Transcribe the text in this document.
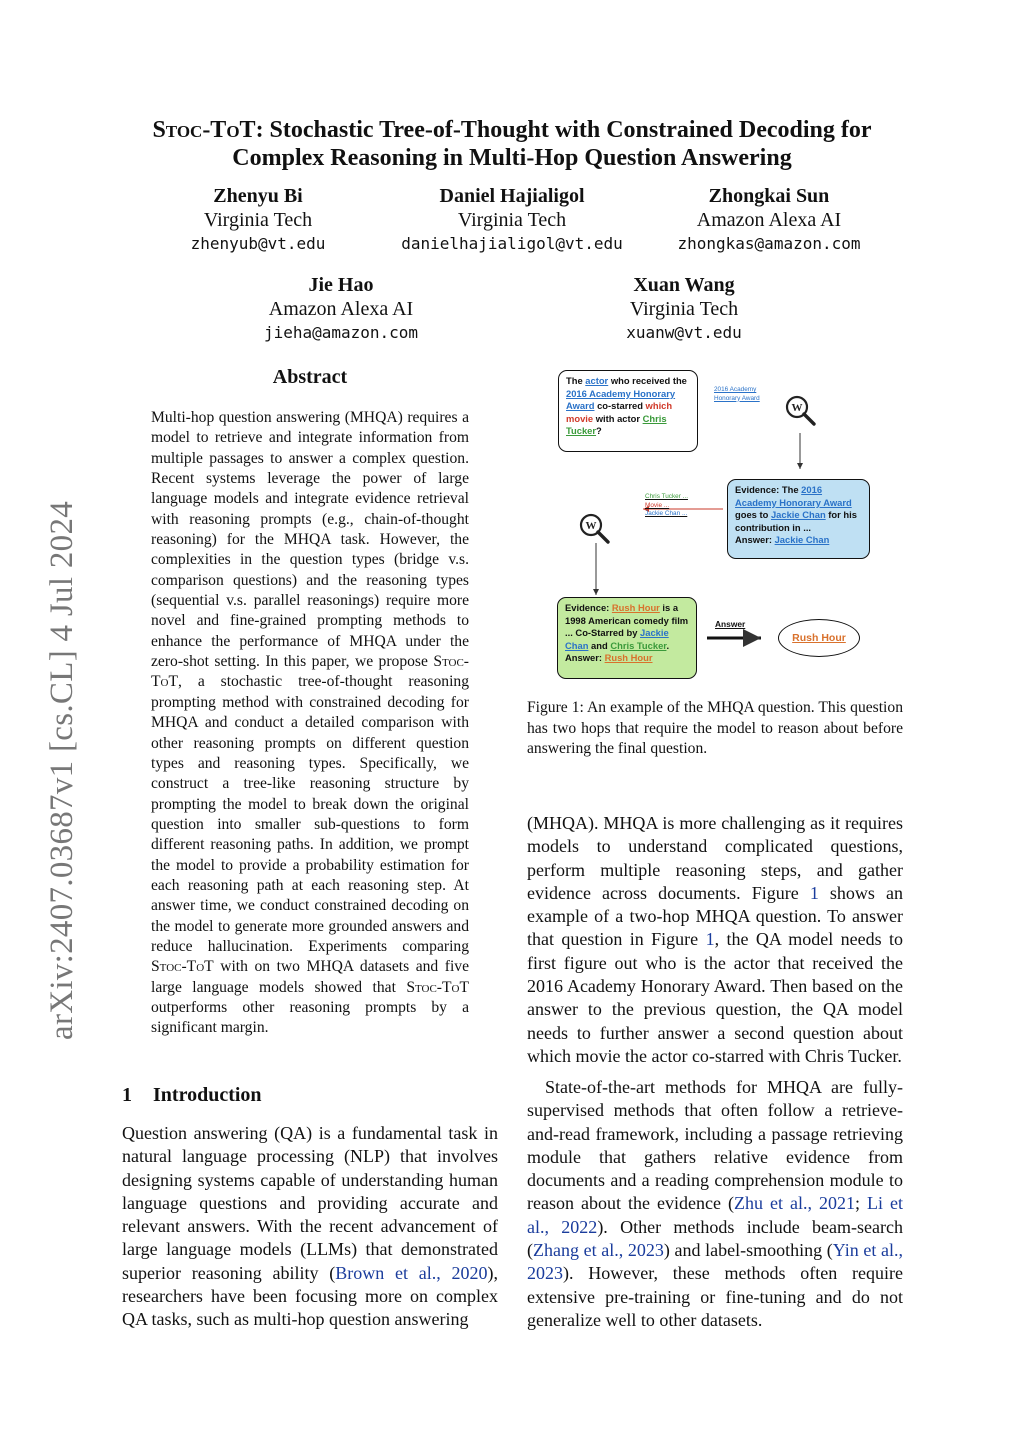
arXiv:2407.03687v1 [cs.CL] 4 Jul 2024
Stoc-ToT: Stochastic Tree-of-Thought with Constrained Decoding for
Complex Reasoning in Multi-Hop Question Answering
Zhenyu Bi
Virginia Tech
zhenyub@vt.edu
Daniel Hajialigol
Virginia Tech
danielhajialigol@vt.edu
Zhongkai Sun
Amazon Alexa AI
zhongkas@amazon.com
Jie Hao
Amazon Alexa AI
jieha@amazon.com
Xuan Wang
Virginia Tech
xuanw@vt.edu
Abstract
Multi-hop question answering (MHQA) requires a model to retrieve and integrate information from multiple passages to answer a complex question. Recent systems leverage the power of large language models and integrate evidence retrieval with reasoning prompts (e.g., chain-of-thought reasoning) for the MHQA task. However, the complexities in the question types (bridge v.s. comparison questions) and the reasoning types (sequential v.s. parallel reasonings) require more novel and fine-grained prompting methods to enhance the performance of MHQA under the zero-shot setting. In this paper, we propose Stoc-ToT, a stochastic tree-of-thought reasoning prompting method with constrained decoding for MHQA and conduct a detailed comparison with other reasoning prompts on different question types and reasoning types. Specifically, we construct a tree-like reasoning structure by prompting the model to break down the original question into smaller sub-questions to form different reasoning paths. In addition, we prompt the model to provide a probability estimation for each reasoning path at each reasoning step. At answer time, we conduct constrained decoding on the model to generate more grounded answers and reduce hallucination. Experiments comparing Stoc-ToT with on two MHQA datasets and five large language models showed that Stoc-ToT outperforms other reasoning prompts by a significant margin.
1 Introduction

Question answering (QA) is a fundamental task in natural language processing (NLP) that involves designing systems capable of understanding human language questions and providing accurate and relevant answers. With the recent advancement of large language models (LLMs) that demonstrated superior reasoning ability (Brown et al., 2020), researchers have been focusing more on complex QA tasks, such as multi-hop question answering

(MHQA). MHQA is more challenging as it requires models to understand complicated questions, perform multiple reasoning steps, and gather evidence across documents. Figure 1 shows an example of a two-hop MHQA question. To answer that question in Figure 1, the QA model needs to first figure out who is the actor that received the 2016 Academy Honorary Award. Then based on the answer to the previous question, the QA model needs to further answer a second question about which movie the actor co-starred with Chris Tucker.

State-of-the-art methods for MHQA are fully-supervised methods that often follow a retrieve-and-read framework, including a passage retrieving module that gathers relative evidence from documents and a reading comprehension module to reason about the evidence (Zhu et al., 2021; Li et al., 2022). Other methods include beam-search (Zhang et al., 2023) and label-smoothing (Yin et al., 2023). However, these methods often require extensive pre-training or fine-tuning and do not generalize well to other datasets.

The actor who received the 2016 Academy Honorary Award co-starred which movie with actor Chris Tucker?
2016 Academy
Honorary Award
W
Evidence: The 2016 Academy Honorary Award goes to Jackie Chan for his contribution in ...
Answer: Jackie Chan
Chris Tucker ...
Movie ...
Jackie Chan ...
W
Evidence: Rush Hour is a 1998 American comedy film ... Co-Starred by Jackie Chan and Chris Tucker.
Answer: Rush Hour
Answer
Rush Hour
Figure 1: An example of the MHQA question. This question has two hops that require the model to reason about before answering the final question.
